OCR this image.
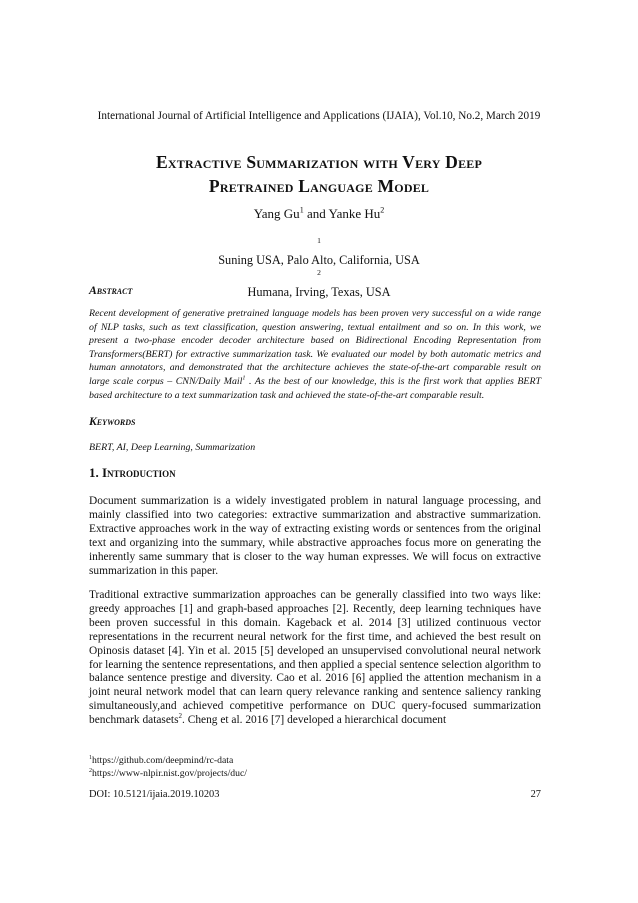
International Journal of Artificial Intelligence and Applications (IJAIA), Vol.10, No.2, March 2019
Extractive Summarization with Very Deep
Pretrained Language Model
Yang Gu$^1$ and Yanke Hu$^2$
$^1$
Suning USA, Palo Alto, California, USA
$^2$
Humana, Irving, Texas, USA
Abstract
Recent development of generative pretrained language models has been proven very successful on a wide range of NLP tasks, such as text classification, question answering, textual entailment and so on. In this work, we present a two-phase encoder decoder architecture based on Bidirectional Encoding Representation from Transformers(BERT) for extractive summarization task. We evaluated our model by both automatic metrics and human annotators, and demonstrated that the architecture achieves the state-of-the-art comparable result on large scale corpus – CNN/Daily Mail$^1$ . As the best of our knowledge, this is the first work that applies BERT based architecture to a text summarization task and achieved the state-of-the-art comparable result.
Keywords
BERT, AI, Deep Learning, Summarization
1. Introduction
Document summarization is a widely investigated problem in natural language processing, and mainly classified into two categories: extractive summarization and abstractive summarization. Extractive approaches work in the way of extracting existing words or sentences from the original text and organizing into the summary, while abstractive approaches focus more on generating the inherently same summary that is closer to the way human expresses. We will focus on extractive summarization in this paper.
Traditional extractive summarization approaches can be generally classified into two ways like: greedy approaches [1] and graph-based approaches [2]. Recently, deep learning techniques have been proven successful in this domain. Kageback et al. 2014 [3] utilized continuous vector representations in the recurrent neural network for the first time, and achieved the best result on Opinosis dataset [4]. Yin et al. 2015 [5] developed an unsupervised convolutional neural network for learning the sentence representations, and then applied a special sentence selection algorithm to balance sentence prestige and diversity. Cao et al. 2016 [6] applied the attention mechanism in a joint neural network model that can learn query relevance ranking and sentence saliency ranking simultaneously,and achieved competitive performance on DUC query-focused summarization benchmark datasets$^2$. Cheng et al. 2016 [7] developed a hierarchical document
$^1$https://github.com/deepmind/rc-data
$^2$https://www-nlpir.nist.gov/projects/duc/
DOI: 10.5121/ijaia.2019.10203	27
